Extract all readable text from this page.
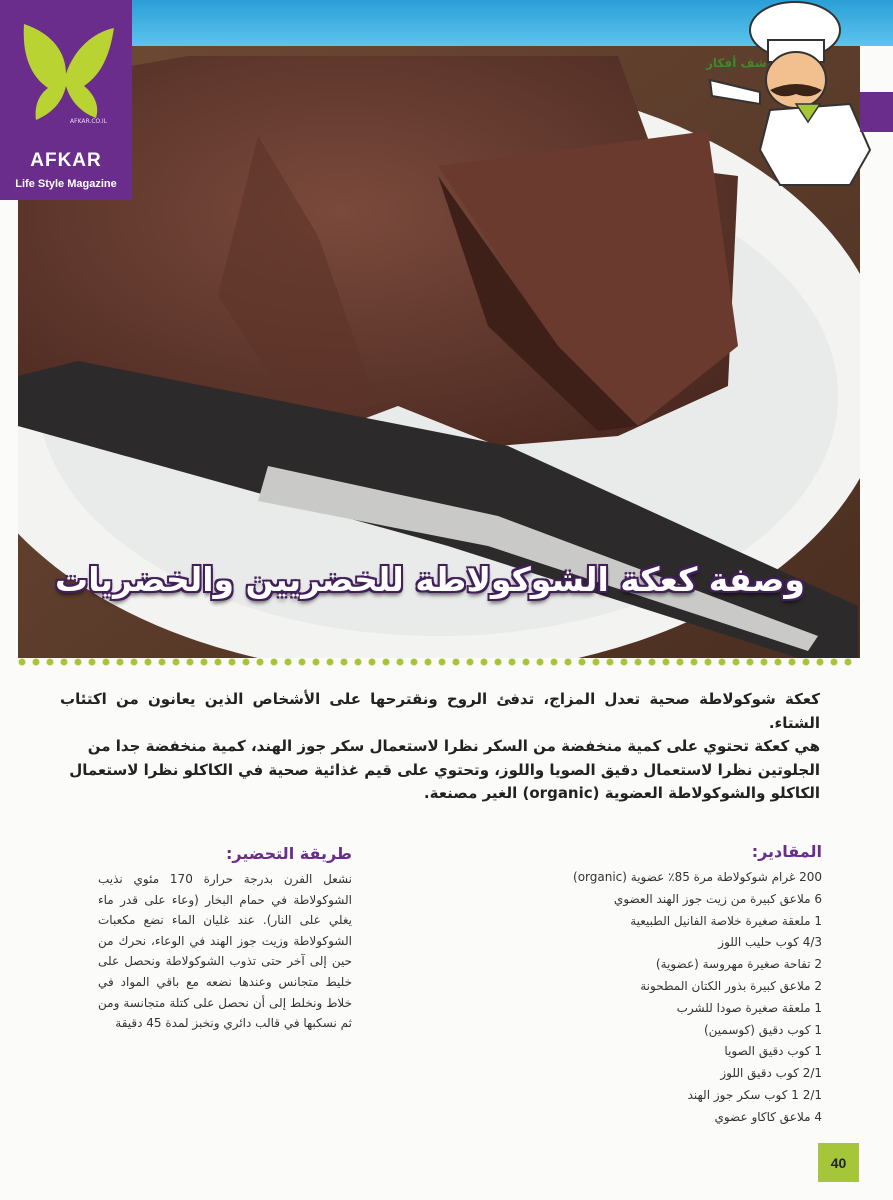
AFKAR.CO.IL
AFKAR
Life Style Magazine
شف أفكار
وصفة كعكة الشوكولاطة للخضريين والخضريات

كعكة شوكولاطة صحية تعدل المزاج، تدفئ الروح ونقترحها على الأشخاص الذين يعانون من اكتئاب الشتاء.

هي كعكة تحتوي على كمية منخفضة من السكر نظرا لاستعمال سكر جوز الهند، كمية منخفضة جدا من

الجلوتين نظرا لاستعمال دقيق الصويا واللوز، وتحتوي على قيم غذائية صحية في الكاكلو نظرا لاستعمال

الكاكلو والشوكولاطة العضوية (organic) الغير مصنعة.

المقادير:
200 غرام شوكولاطة مرة 85٪ عضوية (organic)
6 ملاعق كبيرة من زيت جوز الهند العضوي
1 ملعقة صغيرة خلاصة الفانيل الطبيعية
4/3 كوب حليب اللوز
2 تفاحة صغيرة مهروسة (عضوية)
2 ملاعق كبيرة بذور الكتان المطحونة
1 ملعقة صغيرة صودا للشرب
1 كوب دقيق (كوسمين)
1 كوب دقيق الصويا
2/1 كوب دقيق اللوز
2/1 1 كوب سكر جوز الهند
4 ملاعق كاكاو عضوي
طريقة التحضير:

نشعل الفرن بدرجة حرارة 170 مئوي نذيب الشوكولاطة في حمام البخار (وعاء على قدر ماء يغلي على النار). عند غليان الماء نضع مكعبات الشوكولاطة وزيت جوز الهند في الوعاء، نحرك من حين إلى آخر حتى تذوب الشوكولاطة ونحصل على خليط متجانس وعندها نضعه مع باقي المواد في خلاط ونخلط إلى أن نحصل على كتلة متجانسة ومن ثم نسكبها في قالب دائري ونخبز لمدة 45 دقيقة

40
